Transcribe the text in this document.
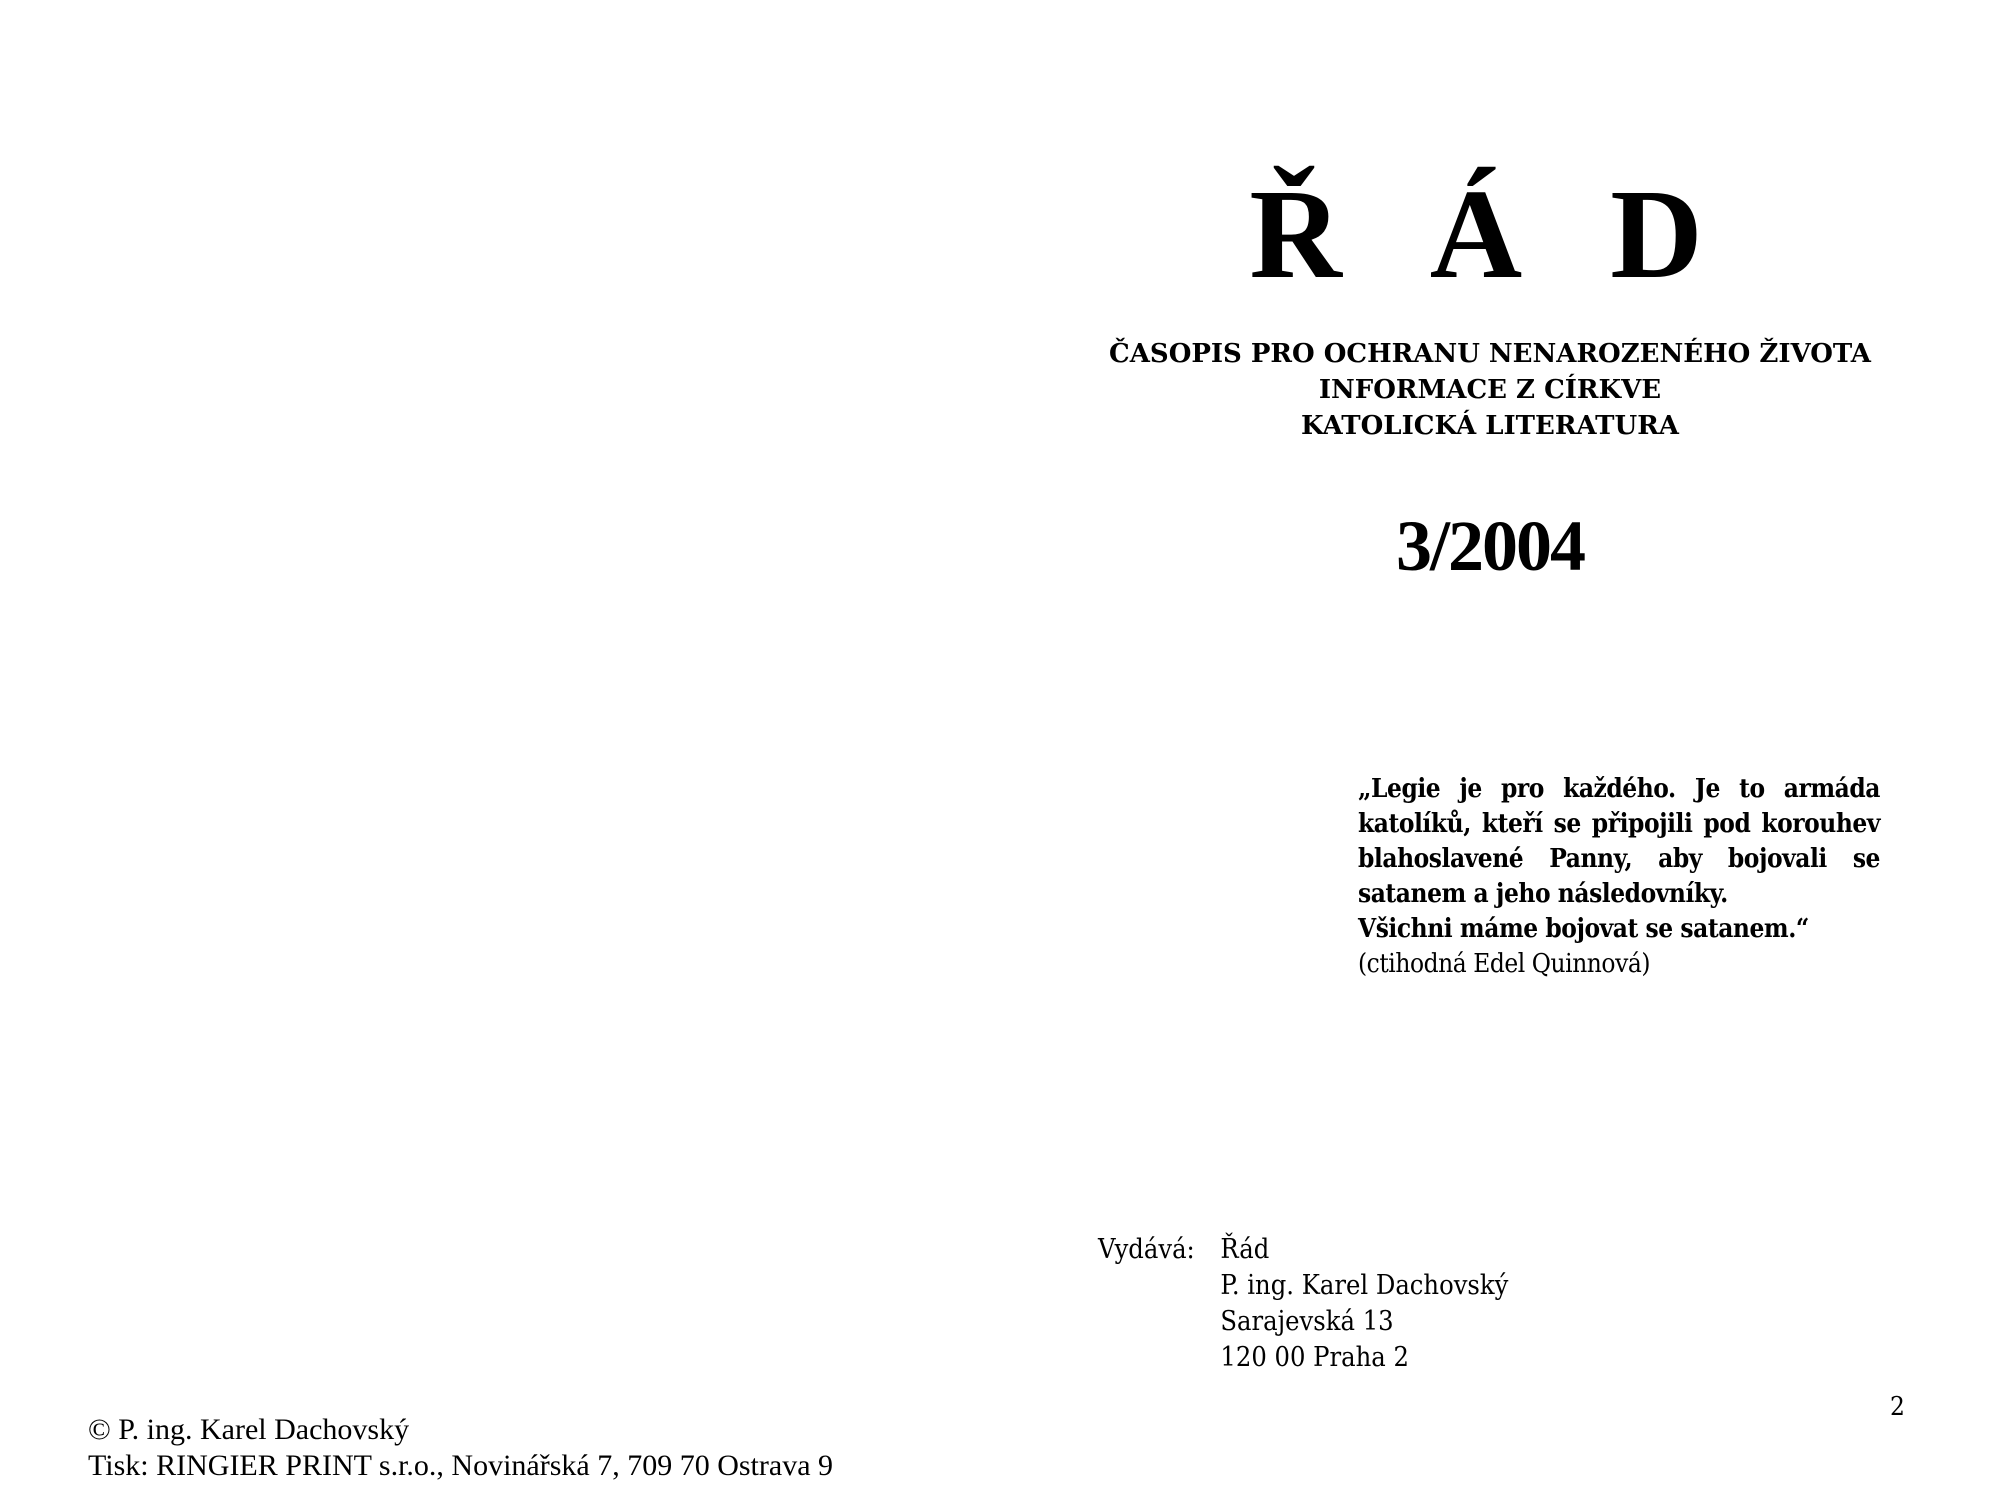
Ř Á D
ČASOPIS PRO OCHRANU NENAROZENÉHO ŽIVOTA
INFORMACE Z CÍRKVE
KATOLICKÁ LITERATURA
3/2004
„Legie je pro každého. Je to armáda katolíků, kteří se připojili pod korouhev blahoslavené Panny, aby bojovali se satanem a jeho následovníky.
Všichni máme bojovat se satanem.“
(ctihodná Edel Quinnová)
Vydává: Řád
P. ing. Karel Dachovský
Sarajevská 13
120 00 Praha 2
2
© P. ing. Karel Dachovský
Tisk: RINGIER PRINT s.r.o., Novinářská 7, 709 70 Ostrava 9
